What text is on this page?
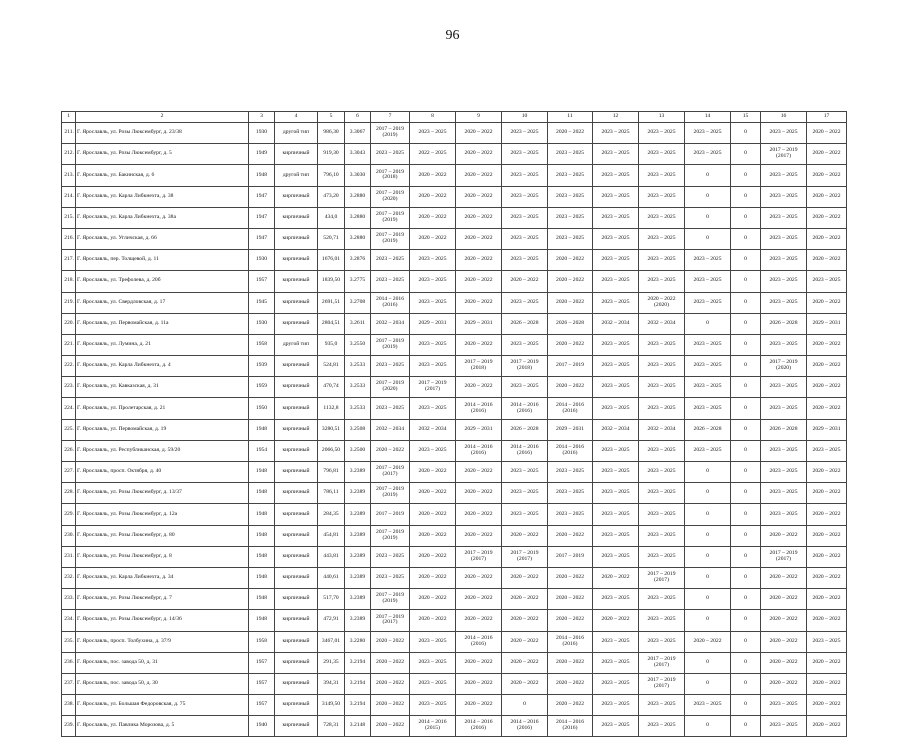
96
1	2	3	4	5	6	7	8	9	10	11	12	13	14	15	16	17
211.	Г. Ярославль, ул. Розы Люксембург, д. 23/38	1930	другой тип	986,30	3.3067	2017 – 2019 (2019)	2023 – 2025	2020 – 2022	2023 – 2025	2020 – 2022	2023 – 2025	2023 – 2025	2023 – 2025	0	2023 – 2025	2020 – 2022
212.	Г. Ярославль, ул. Розы Люксембург, д. 5	1949	кирпичный	919,30	3.3043	2023 – 2025	2022 – 2025	2020 – 2022	2023 – 2025	2023 – 2025	2023 – 2025	2023 – 2025	2023 – 2025	0	2017 – 2019 (2017)	2020 – 2022
213.	Г. Ярославль, ул. Бакинская, д. 6	1948	другой тип	796,10	3.3030	2017 – 2019 (2018)	2020 – 2022	2020 – 2022	2023 – 2025	2023 – 2025	2023 – 2025	2023 – 2025	0	0	2023 – 2025	2020 – 2022
214.	Г. Ярославль, ул. Карла Либкнехта, д. 38	1947	кирпичный	473,20	3.2880	2017 – 2019 (2020)	2020 – 2022	2020 – 2022	2023 – 2025	2023 – 2025	2023 – 2025	2023 – 2025	0	0	2023 – 2025	2020 – 2022
215.	Г. Ярославль, ул. Карла Либкнехта, д. 38а	1947	кирпичный	434,0	3.2880	2017 – 2019 (2019)	2020 – 2022	2020 – 2022	2023 – 2025	2023 – 2025	2023 – 2025	2023 – 2025	0	0	2023 – 2025	2020 – 2022
216.	Г. Ярославль, ул. Угличская, д. 66	1947	кирпичный	520,71	3.2880	2017 – 2019 (2019)	2020 – 2022	2020 – 2022	2023 – 2025	2023 – 2025	2023 – 2025	2023 – 2025	0	0	2023 – 2025	2020 – 2022
217.	Г. Ярославль, пер. Толщевой, д. 11	1930	кирпичный	1676,01	3.2876	2023 – 2025	2023 – 2025	2020 – 2022	2023 – 2025	2020 – 2022	2023 – 2025	2023 – 2025	2023 – 2025	0	2023 – 2025	2020 – 2022
218.	Г. Ярославль, ул. Трефолева, д. 20б	1957	кирпичный	1839,50	3.2775	2023 – 2025	2023 – 2025	2020 – 2022	2020 – 2022	2020 – 2022	2023 – 2025	2023 – 2025	2023 – 2025	0	2023 – 2025	2023 – 2025
219.	Г. Ярославль, ул. Свердловская, д. 17	1945	кирпичный	2691,51	3.2708	2014 – 2016 (2016)	2023 – 2025	2020 – 2022	2023 – 2025	2020 – 2022	2023 – 2025	2020 – 2022 (2020)	2023 – 2025	0	2023 – 2025	2020 – 2022
220.	Г. Ярославль, ул. Первомайская, д. 11а	1930	кирпичный	2804,51	3.2611	2032 – 2034	2029 – 2031	2029 – 2031	2026 – 2028	2026 – 2028	2032 – 2034	2032 – 2034	0	0	2026 – 2028	2029 – 2031
221.	Г. Ярославль, ул. Лумина, д. 21	1958	другой тип	935,0	3.2550	2017 – 2019 (2019)	2023 – 2025	2020 – 2022	2023 – 2025	2020 – 2022	2023 – 2025	2023 – 2025	2023 – 2025	0	2023 – 2025	2020 – 2022
222.	Г. Ярославль, ул. Карла Либкнехта, д. 4	1939	кирпичный	524,81	3.2533	2023 – 2025	2023 – 2025	2017 – 2019 (2018)	2017 – 2019 (2018)	2017 – 2019	2023 – 2025	2023 – 2025	2023 – 2025	0	2017 – 2019 (2020)	2020 – 2022
223.	Г. Ярославль, ул. Кавказская, д. 31	1959	кирпичный	470,74	3.2533	2017 – 2019 (2020)	2017 – 2019 (2017)	2020 – 2022	2023 – 2025	2020 – 2022	2023 – 2025	2023 – 2025	2023 – 2025	0	2023 – 2025	2020 – 2022
224.	Г. Ярославль, ул. Пролетарская, д. 21	1950	кирпичный	1132,8	3.2533	2023 – 2025	2023 – 2025	2014 – 2016 (2016)	2014 – 2016 (2016)	2014 – 2016 (2016)	2023 – 2025	2023 – 2025	2023 – 2025	0	2023 – 2025	2020 – 2022
225.	Г. Ярославль, ул. Первомайская, д. 19	1948	кирпичный	3280,51	3.2508	2032 – 2034	2032 – 2034	2029 – 2031	2026 – 2028	2029 – 2031	2032 – 2034	2032 – 2034	2026 – 2028	0	2026 – 2028	2029 – 2031
226.	Г. Ярославль, ул. Республиканская, д. 59/20	1954	кирпичный	2066,50	3.2500	2020 – 2022	2023 – 2025	2014 – 2016 (2016)	2014 – 2016 (2016)	2014 – 2016 (2016)	2023 – 2025	2023 – 2025	2023 – 2025	0	2023 – 2025	2023 – 2025
227.	Г. Ярославль, просп. Октября, д. 40	1948	кирпичный	796,81	3.2389	2017 – 2019 (2017)	2020 – 2022	2020 – 2022	2023 – 2025	2023 – 2025	2023 – 2025	2023 – 2025	0	0	2023 – 2025	2020 – 2022
228.	Г. Ярославль, ул. Розы Люксембург, д. 13/37	1948	кирпичный	786,11	3.2389	2017 – 2019 (2019)	2020 – 2022	2020 – 2022	2023 – 2025	2023 – 2025	2023 – 2025	2023 – 2025	0	0	2023 – 2025	2020 – 2022
229.	Г. Ярославль, ул. Розы Люксембург, д. 12а	1948	кирпичный	284,35	3.2389	2017 – 2019	2020 – 2022	2020 – 2022	2023 – 2025	2023 – 2025	2023 – 2025	2023 – 2025	0	0	2023 – 2025	2020 – 2022
230.	Г. Ярославль, ул. Розы Люксембург, д. 80	1948	кирпичный	454,81	3.2389	2017 – 2019 (2019)	2020 – 2022	2020 – 2022	2020 – 2022	2020 – 2022	2023 – 2025	2023 – 2025	0	0	2020 – 2022	2020 – 2022
231.	Г. Ярославль, ул. Розы Люксембург, д. 8	1948	кирпичный	443,81	3.2389	2023 – 2025	2020 – 2022	2017 – 2019 (2017)	2017 – 2019 (2017)	2017 – 2019	2023 – 2025	2023 – 2025	0	0	2017 – 2019 (2017)	2020 – 2022
232.	Г. Ярославль, ул. Карла Либкнехта, д. 34	1948	кирпичный	440,61	3.2389	2023 – 2025	2020 – 2022	2020 – 2022	2020 – 2022	2020 – 2022	2020 – 2022	2017 – 2019 (2017)	0	0	2020 – 2022	2020 – 2022
233.	Г. Ярославль, ул. Розы Люксембург, д. 7	1948	кирпичный	517,70	3.2389	2017 – 2019 (2019)	2020 – 2022	2020 – 2022	2020 – 2022	2020 – 2022	2023 – 2025	2023 – 2025	0	0	2020 – 2022	2020 – 2022
234.	Г. Ярославль, ул. Розы Люксембург, д. 14/36	1948	кирпичный	472,91	3.2389	2017 – 2019 (2017)	2020 – 2022	2020 – 2022	2020 – 2022	2020 – 2022	2020 – 2022	2023 – 2025	0	0	2020 – 2022	2020 – 2022
235.	Г. Ярославль, просп. Толбухина, д. 37/9	1958	кирпичный	3467,01	3.2280	2020 – 2022	2023 – 2025	2014 – 2016 (2016)	2020 – 2022	2014 – 2016 (2016)	2023 – 2025	2023 – 2025	2020 – 2022	0	2020 – 2022	2023 – 2025
236.	Г. Ярославль, пос. завода 50, д. 31	1957	кирпичный	291,35	3.2194	2020 – 2022	2023 – 2025	2020 – 2022	2020 – 2022	2020 – 2022	2023 – 2025	2017 – 2019 (2017)	0	0	2020 – 2022	2020 – 2022
237.	Г. Ярославль, пос. завода 50, д. 30	1957	кирпичный	394,31	3.2194	2020 – 2022	2023 – 2025	2020 – 2022	2020 – 2022	2020 – 2022	2023 – 2025	2017 – 2019 (2017)	0	0	2020 – 2022	2020 – 2022
238.	Г. Ярославль, ул. Большая Федоровская, д. 75	1957	кирпичный	3149,50	3.2194	2020 – 2022	2023 – 2025	2020 – 2022	0	2020 – 2022	2023 – 2025	2023 – 2025	2023 – 2025	0	2023 – 2025	2020 – 2022
239.	Г. Ярославль, ул. Павлика Морозова, д. 5	1940	кирпичный	728,31	3.2148	2020 – 2022	2014 – 2016 (2015)	2014 – 2016 (2016)	2014 – 2016 (2016)	2014 – 2016 (2016)	2023 – 2025	2023 – 2025	0	0	2023 – 2025	2020 – 2022
